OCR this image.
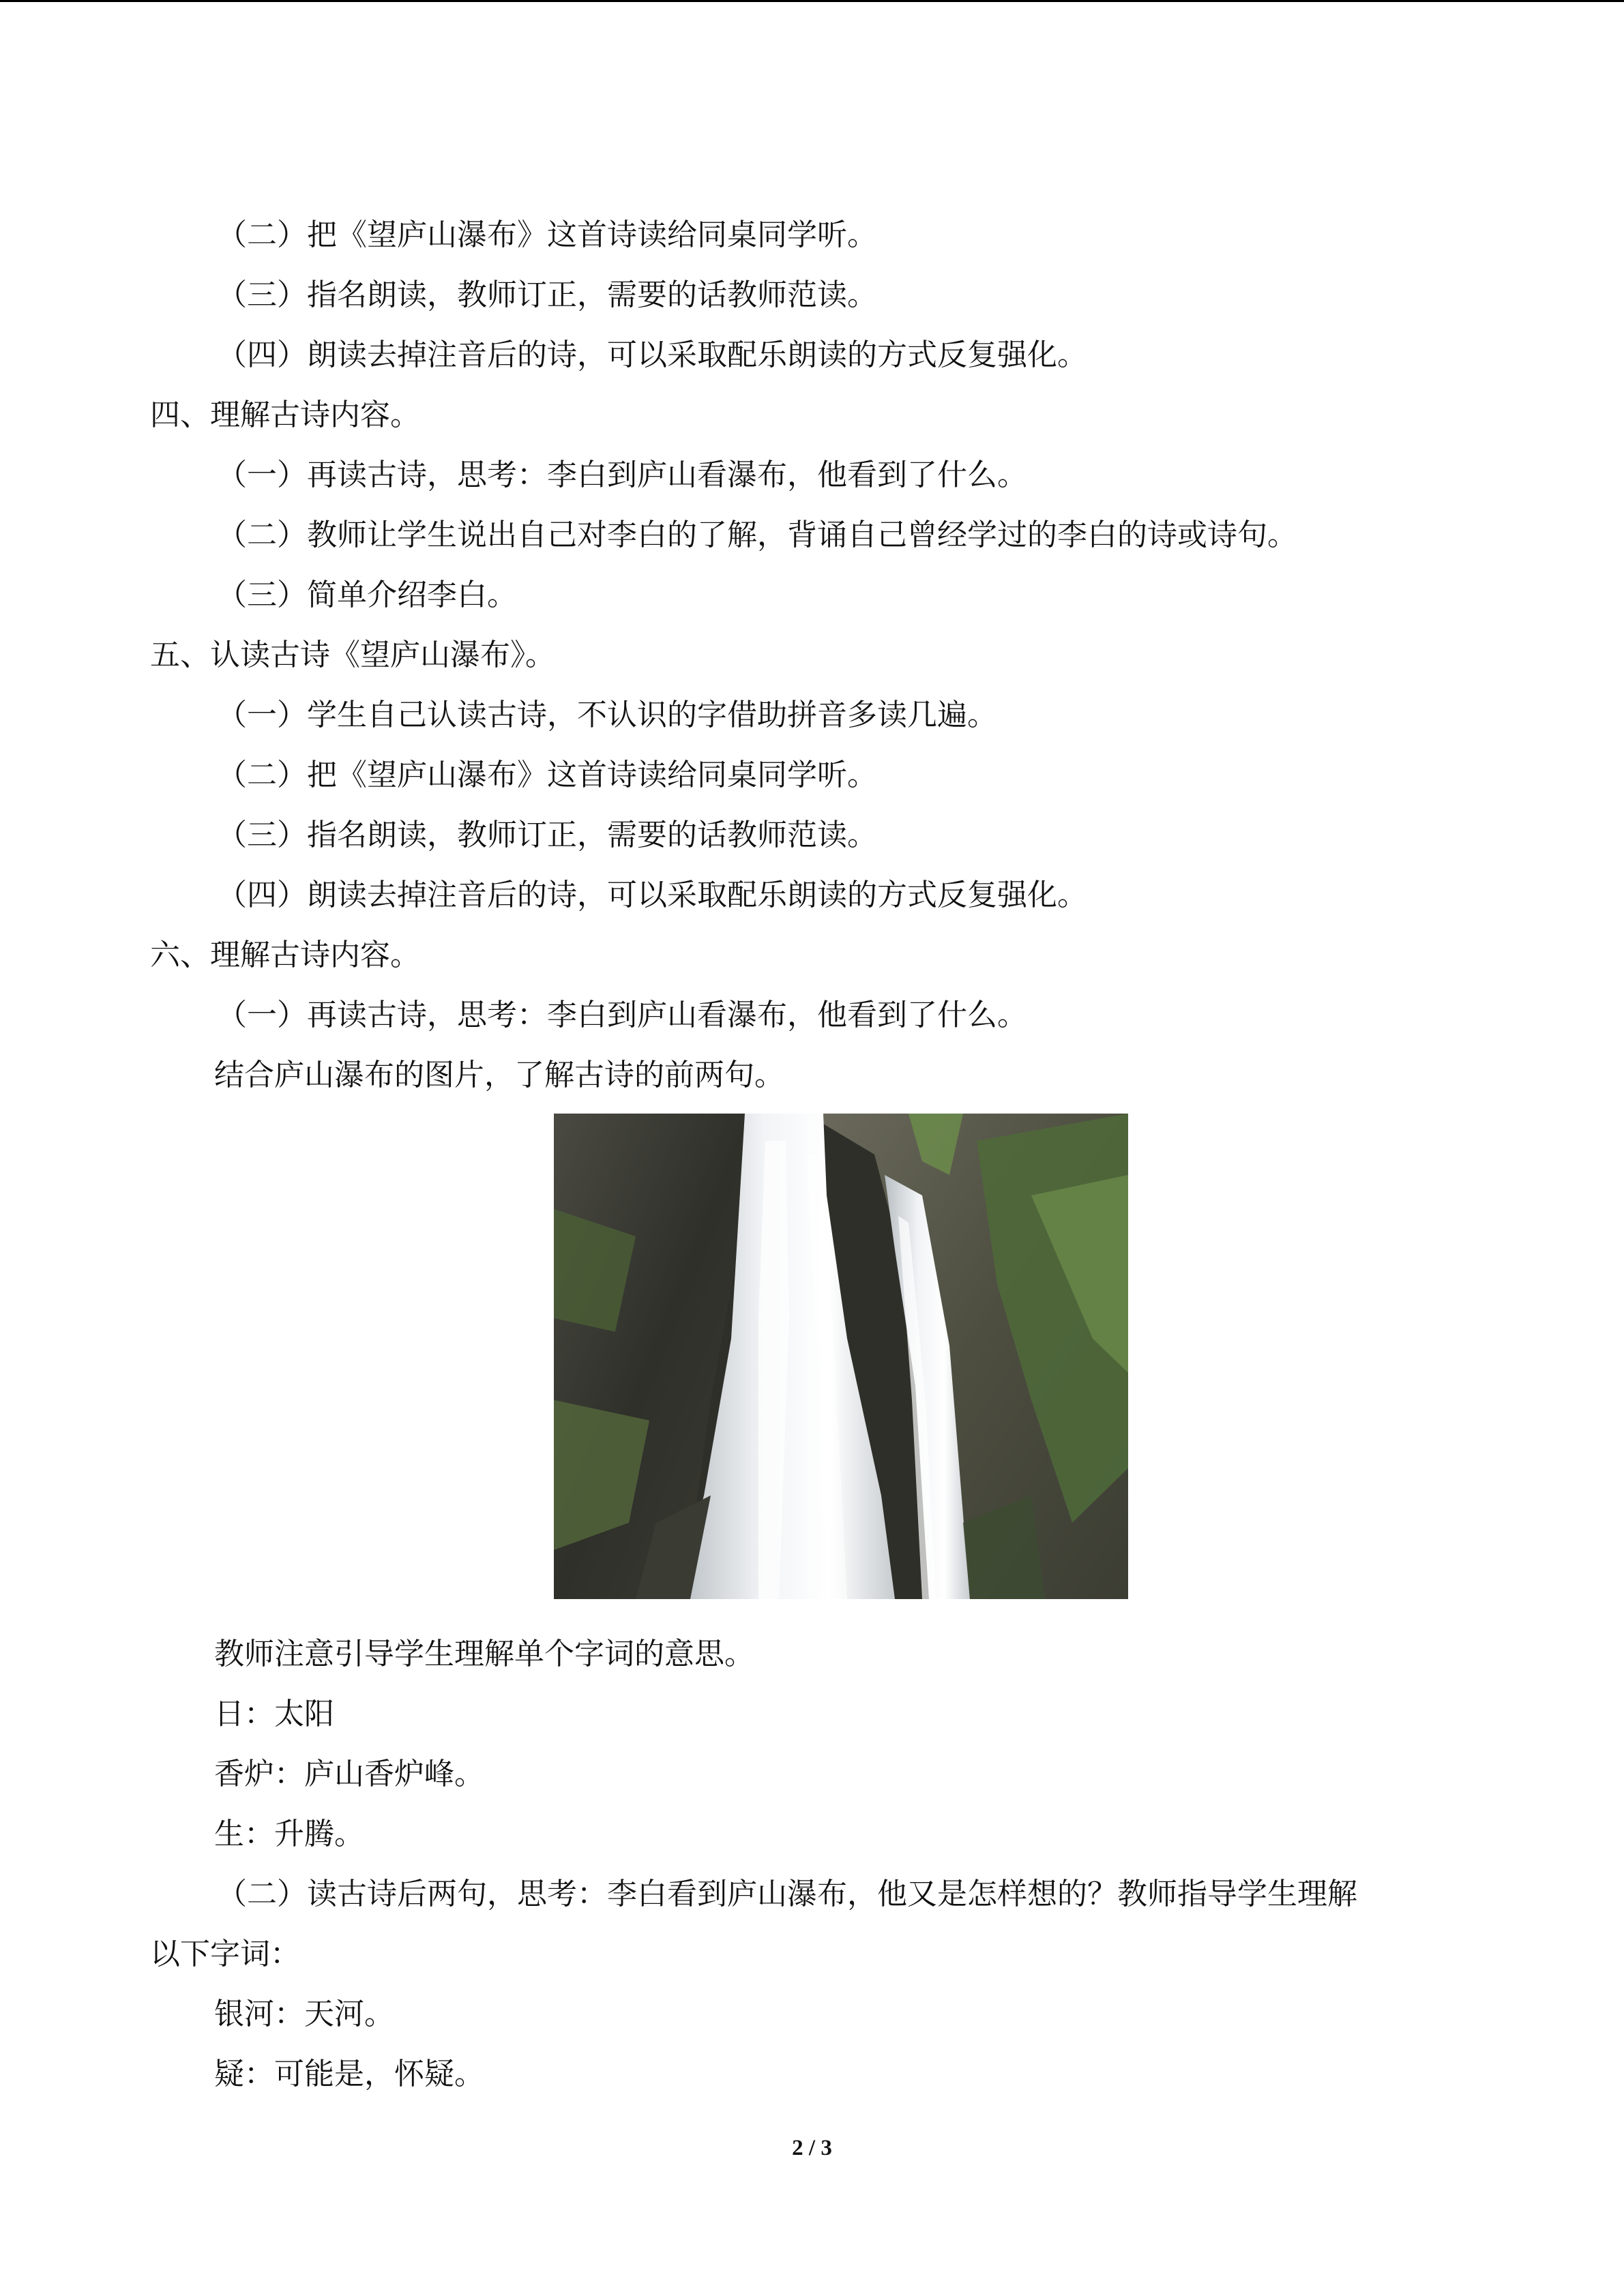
（二）把《望庐山瀑布》这首诗读给同桌同学听。
（三）指名朗读，教师订正，需要的话教师范读。
（四）朗读去掉注音后的诗，可以采取配乐朗读的方式反复强化。
四、理解古诗内容。
（一）再读古诗，思考：李白到庐山看瀑布，他看到了什么。
（二）教师让学生说出自己对李白的了解，背诵自己曾经学过的李白的诗或诗句。
（三）简单介绍李白。
五、认读古诗《望庐山瀑布》。
（一）学生自己认读古诗，不认识的字借助拼音多读几遍。
（二）把《望庐山瀑布》这首诗读给同桌同学听。
（三）指名朗读，教师订正，需要的话教师范读。
（四）朗读去掉注音后的诗，可以采取配乐朗读的方式反复强化。
六、理解古诗内容。
（一）再读古诗，思考：李白到庐山看瀑布，他看到了什么。
结合庐山瀑布的图片，了解古诗的前两句。
教师注意引导学生理解单个字词的意思。
日：太阳
香炉：庐山香炉峰。
生：升腾。
（二）读古诗后两句，思考：李白看到庐山瀑布，他又是怎样想的？教师指导学生理解
以下字词：
银河：天河。
疑：可能是，怀疑。
2 / 3
